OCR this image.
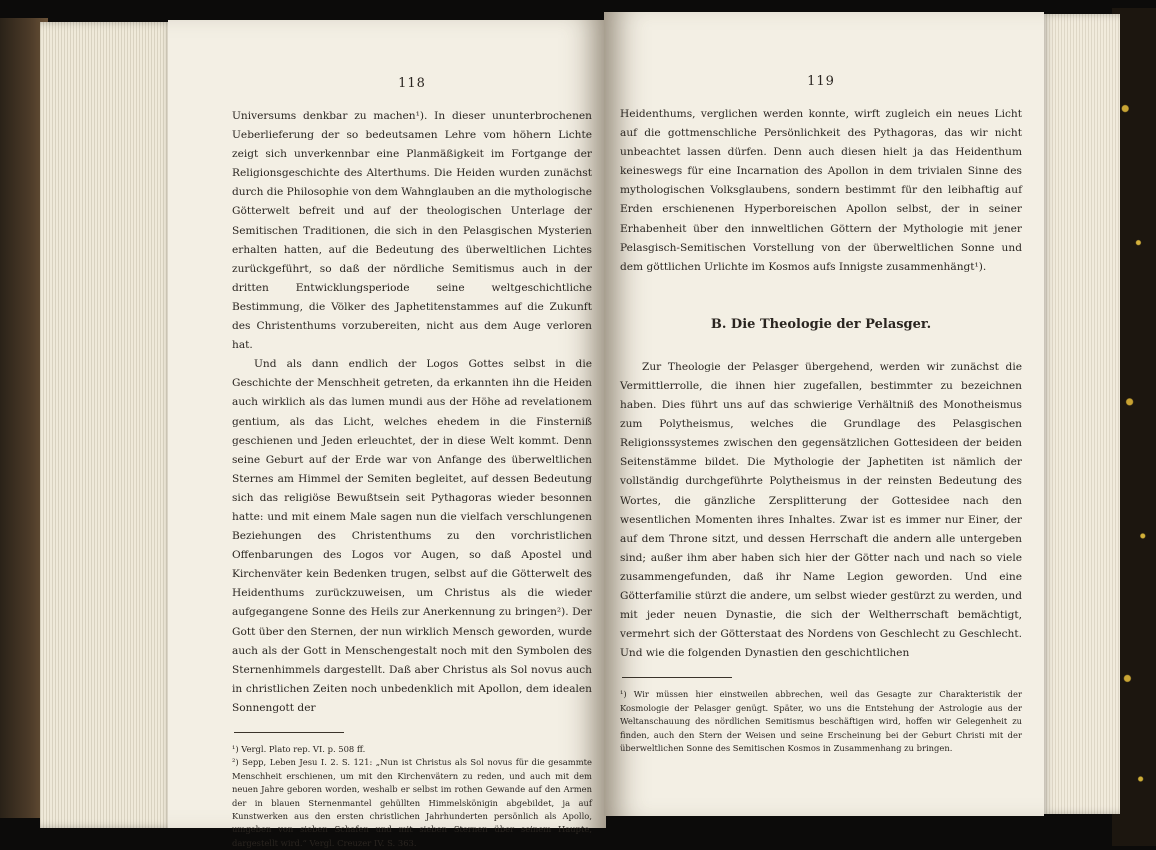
118

Universums denkbar zu machen¹). In dieser ununterbrochenen Ueberlieferung der so bedeutsamen Lehre vom höhern Lichte zeigt sich unverkennbar eine Planmäßigkeit im Fortgange der Religionsgeschichte des Alterthums. Die Heiden wurden zunächst durch die Philosophie von dem Wahnglauben an die mythologische Götterwelt befreit und auf der theologischen Unterlage der Semitischen Traditionen, die sich in den Pelasgischen Mysterien erhalten hatten, auf die Bedeutung des überweltlichen Lichtes zurückgeführt, so daß der nördliche Semitismus auch in der dritten Entwicklungsperiode seine weltgeschichtliche Bestimmung, die Völker des Japhetitenstammes auf die Zukunft des Christenthums vorzubereiten, nicht aus dem Auge verloren hat.

Und als dann endlich der Logos Gottes selbst in die Geschichte der Menschheit getreten, da erkannten ihn die Heiden auch wirklich als das lumen mundi aus der Höhe ad revelationem gentium, als das Licht, welches ehedem in die Finsterniß geschienen und Jeden erleuchtet, der in diese Welt kommt. Denn seine Geburt auf der Erde war von Anfange des überweltlichen Sternes am Himmel der Semiten begleitet, auf dessen Bedeutung sich das religiöse Bewußtsein seit Pythagoras wieder besonnen hatte: und mit einem Male sagen nun die vielfach verschlungenen Beziehungen des Christenthums zu den vorchristlichen Offenbarungen des Logos vor Augen, so daß Apostel und Kirchenväter kein Bedenken trugen, selbst auf die Götterwelt des Heidenthums zurückzuweisen, um Christus als die wieder aufgegangene Sonne des Heils zur Anerkennung zu bringen²). Der Gott über den Sternen, der nun wirklich Mensch geworden, wurde auch als der Gott in Menschengestalt noch mit den Symbolen des Sternenhimmels dargestellt. Daß aber Christus als Sol novus auch in christlichen Zeiten noch unbedenklich mit Apollon, dem idealen Sonnengott der

¹) Vergl. Plato rep. VI. p. 508 ff.

²) Sepp, Leben Jesu I. 2. S. 121: „Nun ist Christus als Sol novus für die gesammte Menschheit erschienen, um mit den Kirchenvätern zu reden, und auch mit dem neuen Jahre geboren worden, weshalb er selbst im rothen Gewande auf den Armen der in blauen Sternenmantel gehüllten Himmelskönigin abgebildet, ja auf Kunstwerken aus den ersten christlichen Jahrhunderten persönlich als Apollo, umgeben von sieben Schafen und mit sieben Sternen über seinem Haupte, dargestellt wird.“ Vergl. Creuzer IV. S. 363.

119

Heidenthums, verglichen werden konnte, wirft zugleich ein neues Licht auf die gottmenschliche Persönlichkeit des Pythagoras, das wir nicht unbeachtet lassen dürfen. Denn auch diesen hielt ja das Heidenthum keineswegs für eine Incarnation des Apollon in dem trivialen Sinne des mythologischen Volksglaubens, sondern bestimmt für den leibhaftig auf Erden erschienenen Hyperboreischen Apollon selbst, der in seiner Erhabenheit über den innweltlichen Göttern der Mythologie mit jener Pelasgisch-Semitischen Vorstellung von der überweltlichen Sonne und dem göttlichen Urlichte im Kosmos aufs Innigste zusammenhängt¹).

B. Die Theologie der Pelasger.

Zur Theologie der Pelasger übergehend, werden wir zunächst die Vermittlerrolle, die ihnen hier zugefallen, bestimmter zu bezeichnen haben. Dies führt uns auf das schwierige Verhältniß des Monotheismus zum Polytheismus, welches die Grundlage des Pelasgischen Religionssystemes zwischen den gegensätzlichen Gottesideen der beiden Seitenstämme bildet. Die Mythologie der Japhetiten ist nämlich der vollständig durchgeführte Polytheismus in der reinsten Bedeutung des Wortes, die gänzliche Zersplitterung der Gottesidee nach den wesentlichen Momenten ihres Inhaltes. Zwar ist es immer nur Einer, der auf dem Throne sitzt, und dessen Herrschaft die andern alle untergeben sind; außer ihm aber haben sich hier der Götter nach und nach so viele zusammengefunden, daß ihr Name Legion geworden. Und eine Götterfamilie stürzt die andere, um selbst wieder gestürzt zu werden, und mit jeder neuen Dynastie, die sich der Weltherrschaft bemächtigt, vermehrt sich der Götterstaat des Nordens von Geschlecht zu Geschlecht. Und wie die folgenden Dynastien den geschichtlichen

¹) Wir müssen hier einstweilen abbrechen, weil das Gesagte zur Charakteristik der Kosmologie der Pelasger genügt. Später, wo uns die Entstehung der Astrologie aus der Weltanschauung des nördlichen Semitismus beschäftigen wird, hoffen wir Gelegenheit zu finden, auch den Stern der Weisen und seine Erscheinung bei der Geburt Christi mit der überweltlichen Sonne des Semitischen Kosmos in Zusammenhang zu bringen.
